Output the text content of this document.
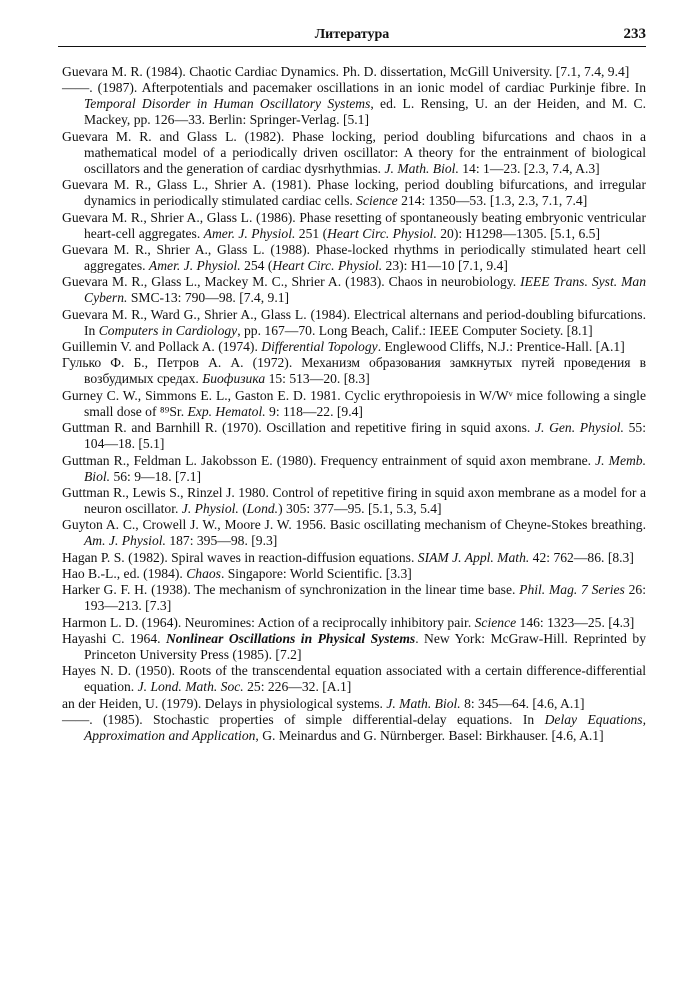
Литература	233
Guevara M. R. (1984). Chaotic Cardiac Dynamics. Ph. D. dissertation, McGill University. [7.1, 7.4, 9.4]
——. (1987). Afterpotentials and pacemaker oscillations in an ionic model of cardiac Purkinje fibre. In Temporal Disorder in Human Oscillatory Systems, ed. L. Rensing, U. an der Heiden, and M. C. Mackey, pp. 126—33. Berlin: Springer-Verlag. [5.1]
Guevara M. R. and Glass L. (1982). Phase locking, period doubling bifurcations and chaos in a mathematical model of a periodically driven oscillator: A theory for the entrainment of biological oscillators and the generation of cardiac dysrhythmias. J. Math. Biol. 14: 1—23. [2.3, 7.4, A.3]
Guevara M. R., Glass L., Shrier A. (1981). Phase locking, period doubling bifurcations, and irregular dynamics in periodically stimulated cardiac cells. Science 214: 1350—53. [1.3, 2.3, 7.1, 7.4]
Guevara M. R., Shrier A., Glass L. (1986). Phase resetting of spontaneously beating embryonic ventricular heart-cell aggregates. Amer. J. Physiol. 251 (Heart Circ. Physiol. 20): H1298—1305. [5.1, 6.5]
Guevara M. R., Shrier A., Glass L. (1988). Phase-locked rhythms in periodically stimulated heart cell aggregates. Amer. J. Physiol. 254 (Heart Circ. Physiol. 23): H1—10 [7.1, 9.4]
Guevara M. R., Glass L., Mackey M. C., Shrier A. (1983). Chaos in neurobiology. IEEE Trans. Syst. Man Cybern. SMC-13: 790—98. [7.4, 9.1]
Guevara M. R., Ward G., Shrier A., Glass L. (1984). Electrical alternans and period-doubling bifurcations. In Computers in Cardiology, pp. 167—70. Long Beach, Calif.: IEEE Computer Society. [8.1]
Guillemin V. and Pollack A. (1974). Differential Topology. Englewood Cliffs, N.J.: Prentice-Hall. [A.1]
Гулько Ф. Б., Петров А. А. (1972). Механизм образования замкнутых путей проведения в возбудимых средах. Биофизика 15: 513—20. [8.3]
Gurney C. W., Simmons E. L., Gaston E. D. 1981. Cyclic erythropoiesis in W/Wᵛ mice following a single small dose of ⁸⁹Sr. Exp. Hematol. 9: 118—22. [9.4]
Guttman R. and Barnhill R. (1970). Oscillation and repetitive firing in squid axons. J. Gen. Physiol. 55: 104—18. [5.1]
Guttman R., Feldman L. Jakobsson E. (1980). Frequency entrainment of squid axon membrane. J. Memb. Biol. 56: 9—18. [7.1]
Guttman R., Lewis S., Rinzel J. 1980. Control of repetitive firing in squid axon membrane as a model for a neuron oscillator. J. Physiol. (Lond.) 305: 377—95. [5.1, 5.3, 5.4]
Guyton A. C., Crowell J. W., Moore J. W. 1956. Basic oscillating mechanism of Cheyne-Stokes breathing. Am. J. Physiol. 187: 395—98. [9.3]
Hagan P. S. (1982). Spiral waves in reaction-diffusion equations. SIAM J. Appl. Math. 42: 762—86. [8.3]
Hao B.-L., ed. (1984). Chaos. Singapore: World Scientific. [3.3]
Harker G. F. H. (1938). The mechanism of synchronization in the linear time base. Phil. Mag. 7 Series 26: 193—213. [7.3]
Harmon L. D. (1964). Neuromines: Action of a reciprocally inhibitory pair. Science 146: 1323—25. [4.3]
Hayashi C. 1964. Nonlinear Oscillations in Physical Systems. New York: McGraw-Hill. Reprinted by Princeton University Press (1985). [7.2]
Hayes N. D. (1950). Roots of the transcendental equation associated with a certain difference-differential equation. J. Lond. Math. Soc. 25: 226—32. [A.1]
an der Heiden, U. (1979). Delays in physiological systems. J. Math. Biol. 8: 345—64. [4.6, A.1]
——. (1985). Stochastic properties of simple differential-delay equations. In Delay Equations, Approximation and Application, G. Meinardus and G. Nürnberger. Basel: Birkhauser. [4.6, A.1]
